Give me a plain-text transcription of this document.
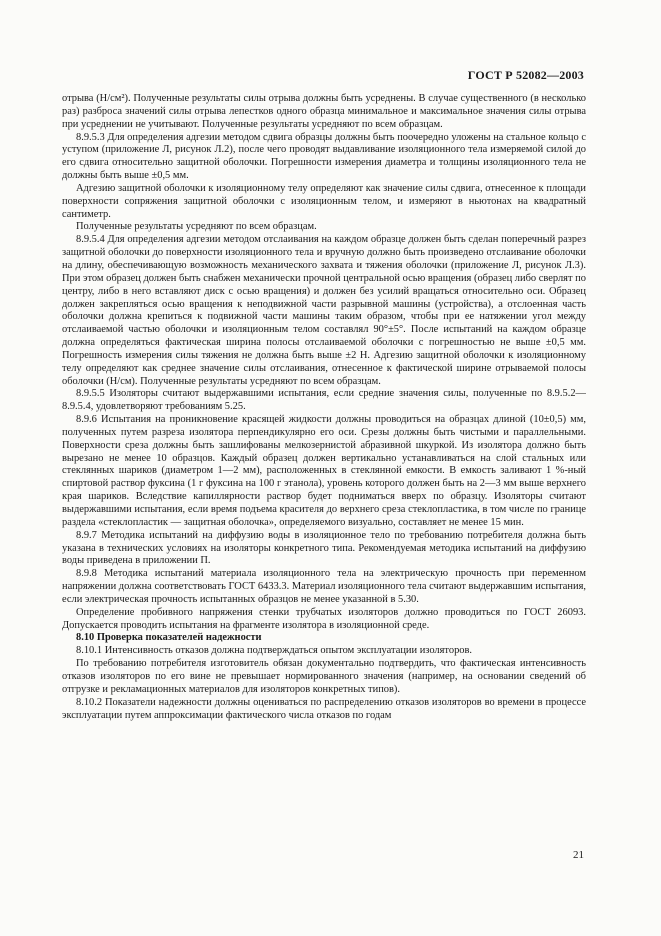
ГОСТ Р 52082—2003

отрыва (Н/см²). Полученные результаты силы отрыва должны быть усреднены. В случае существенного (в несколько раз) разброса значений силы отрыва лепестков одного образца минимальное и максимальное значения силы отрыва при усреднении не учитывают. Полученные результаты усредняют по всем образцам.

8.9.5.3 Для определения адгезии методом сдвига образцы должны быть поочередно уложены на стальное кольцо с уступом (приложение Л, рисунок Л.2), после чего проводят выдавливание изоляционного тела измеряемой силой до его сдвига относительно защитной оболочки. Погрешности измерения диаметра и толщины изоляционного тела не должны быть выше ±0,5 мм.

Адгезию защитной оболочки к изоляционному телу определяют как значение силы сдвига, отнесенное к площади поверхности сопряжения защитной оболочки с изоляционным телом, и измеряют в ньютонах на квадратный сантиметр.

Полученные результаты усредняют по всем образцам.

8.9.5.4 Для определения адгезии методом отслаивания на каждом образце должен быть сделан поперечный разрез защитной оболочки до поверхности изоляционного тела и вручную должно быть произведено отслаивание оболочки на длину, обеспечивающую возможность механического захвата и тяжения оболочки (приложение Л, рисунок Л.3). При этом образец должен быть снабжен механически прочной центральной осью вращения (образец либо сверлят по центру, либо в него вставляют диск с осью вращения) и должен без усилий вращаться относительно оси. Образец должен закрепляться осью вращения к неподвижной части разрывной машины (устройства), а отслоенная часть оболочки должна крепиться к подвижной части машины таким образом, чтобы при ее натяжении угол между отслаиваемой частью оболочки и изоляционным телом составлял 90°±5°. После испытаний на каждом образце должна определяться фактическая ширина полосы отслаиваемой оболочки с погрешностью не выше ±0,5 мм. Погрешность измерения силы тяжения не должна быть выше ±2 Н. Адгезию защитной оболочки к изоляционному телу определяют как среднее значение силы отслаивания, отнесенное к фактической ширине отрываемой полосы оболочки (Н/см). Полученные результаты усредняют по всем образцам.

8.9.5.5 Изоляторы считают выдержавшими испытания, если средние значения силы, полученные по 8.9.5.2—8.9.5.4, удовлетворяют требованиям 5.25.

8.9.6 Испытания на проникновение красящей жидкости должны проводиться на образцах длиной (10±0,5) мм, полученных путем разреза изолятора перпендикулярно его оси. Срезы должны быть чистыми и параллельными. Поверхности среза должны быть зашлифованы мелкозернистой абразивной шкуркой. Из изолятора должно быть вырезано не менее 10 образцов. Каждый образец должен вертикально устанавливаться на слой стальных или стеклянных шариков (диаметром 1—2 мм), расположенных в стеклянной емкости. В емкость заливают 1 %-ный спиртовой раствор фуксина (1 г фуксина на 100 г этанола), уровень которого должен быть на 2—3 мм выше верхнего края шариков. Вследствие капиллярности раствор будет подниматься вверх по образцу. Изоляторы считают выдержавшими испытания, если время подъема красителя до верхнего среза стеклопластика, в том числе по границе раздела «стеклопластик — защитная оболочка», определяемого визуально, составляет не менее 15 мин.

8.9.7 Методика испытаний на диффузию воды в изоляционное тело по требованию потребителя должна быть указана в технических условиях на изоляторы конкретного типа. Рекомендуемая методика испытаний на диффузию воды приведена в приложении П.

8.9.8 Методика испытаний материала изоляционного тела на электрическую прочность при переменном напряжении должна соответствовать ГОСТ 6433.3. Материал изоляционного тела считают выдержавшим испытания, если электрическая прочность испытанных образцов не менее указанной в 5.30.

Определение пробивного напряжения стенки трубчатых изоляторов должно проводиться по ГОСТ 26093. Допускается проводить испытания на фрагменте изолятора в изоляционной среде.

8.10 Проверка показателей надежности

8.10.1 Интенсивность отказов должна подтверждаться опытом эксплуатации изоляторов.

По требованию потребителя изготовитель обязан документально подтвердить, что фактическая интенсивность отказов изоляторов по его вине не превышает нормированного значения (например, на основании сведений об отгрузке и рекламационных материалов для изоляторов конкретных типов).

8.10.2 Показатели надежности должны оцениваться по распределению отказов изоляторов во времени в процессе эксплуатации путем аппроксимации фактического числа отказов по годам

21
